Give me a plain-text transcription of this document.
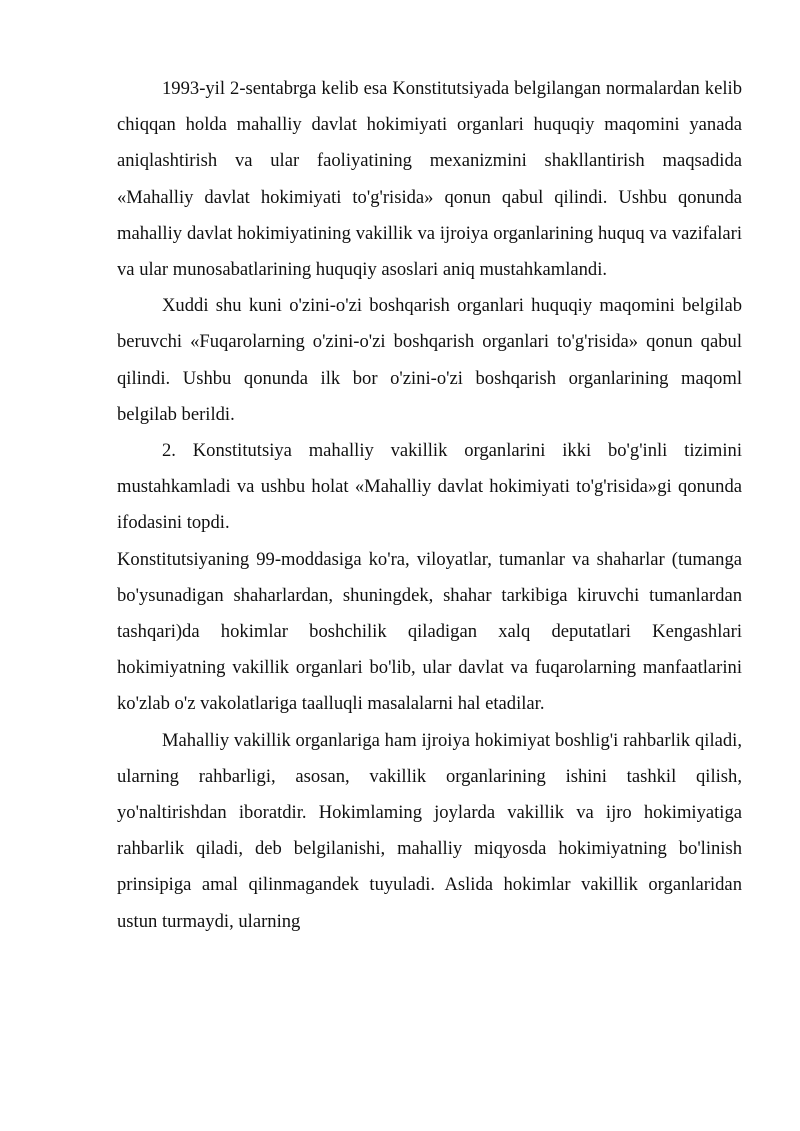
1993-yil 2-sentabrga kelib esa Konstitutsiyada belgilangan normalardan kelib chiqqan holda mahalliy davlat hokimiyati organlari huquqiy maqomini yanada aniqlashtirish va ular faoliyatining mexanizmini shakllantirish maqsadida «Mahalliy davlat hokimiyati to'g'risida» qonun qabul qilindi. Ushbu qonunda mahalliy davlat hokimiyatining vakillik va ijroiya organlarining huquq va vazifalari va ular munosabatlarining huquqiy asoslari aniq mustahkamlandi.

Xuddi shu kuni o'zini-o'zi boshqarish organlari huquqiy maqomini belgilab beruvchi «Fuqarolarning o'zini-o'zi boshqarish organlari to'g'risida» qonun qabul qilindi. Ushbu qonunda ilk bor o'zini-o'zi boshqarish organlarining maqoml belgilab berildi.

2. Konstitutsiya mahalliy vakillik organlarini ikki bo'g'inli tizimini mustahkamladi va ushbu holat «Mahalliy davlat hokimiyati to'g'risida»gi qonunda ifodasini topdi.

Konstitutsiyaning 99-moddasiga ko'ra, viloyatlar, tumanlar va shaharlar (tumanga bo'ysunadigan shaharlardan, shuningdek, shahar tarkibiga kiruvchi tumanlardan tashqari)da hokimlar boshchilik qiladigan xalq deputatlari Kengashlari hokimiyatning vakillik organlari bo'lib, ular davlat va fuqarolarning manfaatlarini ko'zlab o'z vakolatlariga taalluqli masalalarni hal etadilar.

Mahalliy vakillik organlariga ham ijroiya hokimiyat boshlig'i rahbarlik qiladi, ularning rahbarligi, asosan, vakillik organlarining ishini tashkil qilish, yo'naltirishdan iboratdir. Hokimlaming joylarda vakillik va ijro hokimiyatiga rahbarlik qiladi, deb belgilanishi, mahalliy miqyosda hokimiyatning bo'linish prinsipiga amal qilinmagandek tuyuladi. Aslida hokimlar vakillik organlaridan ustun turmaydi, ularning
